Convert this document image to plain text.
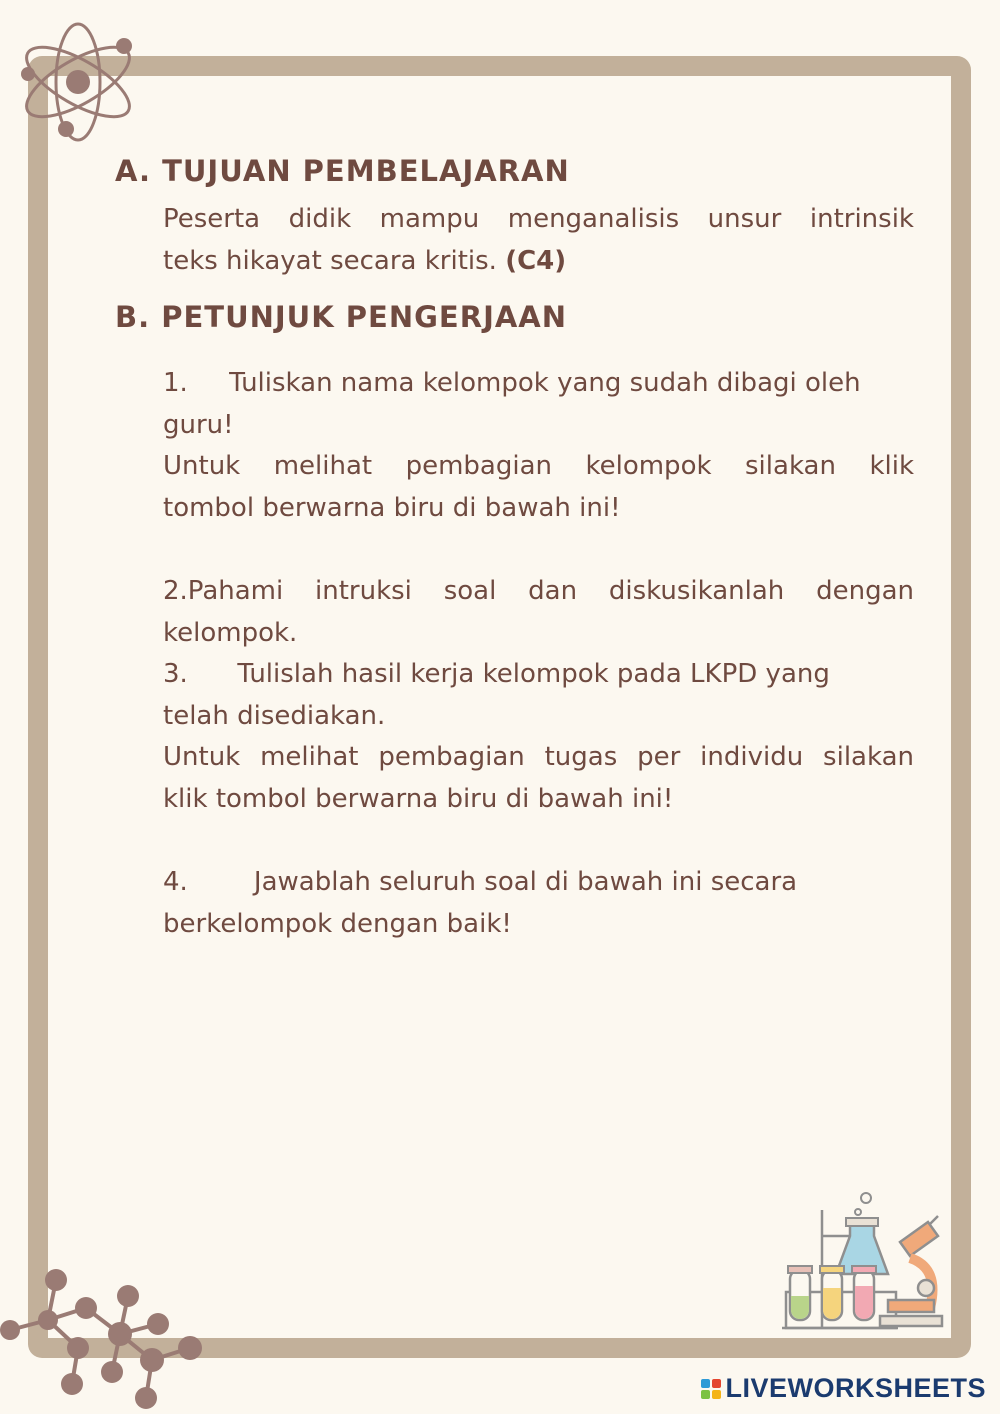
A. TUJUAN PEMBELAJARAN
Peserta didik mampu menganalisis unsur intrinsik
teks hikayat secara kritis. (C4)
B. PETUNJUK PENGERJAAN
1.     Tuliskan nama kelompok yang sudah dibagi oleh
guru!
Untuk melihat pembagian kelompok silakan klik
tombol berwarna biru di bawah ini!
2.Pahami intruksi soal dan diskusikanlah dengan
kelompok.
3.      Tulislah hasil kerja kelompok pada LKPD yang
telah disediakan.
Untuk melihat pembagian tugas per individu silakan
klik tombol berwarna biru di bawah ini!
4.        Jawablah seluruh soal di bawah ini secara
berkelompok dengan baik!
LIVEWORKSHEETS
